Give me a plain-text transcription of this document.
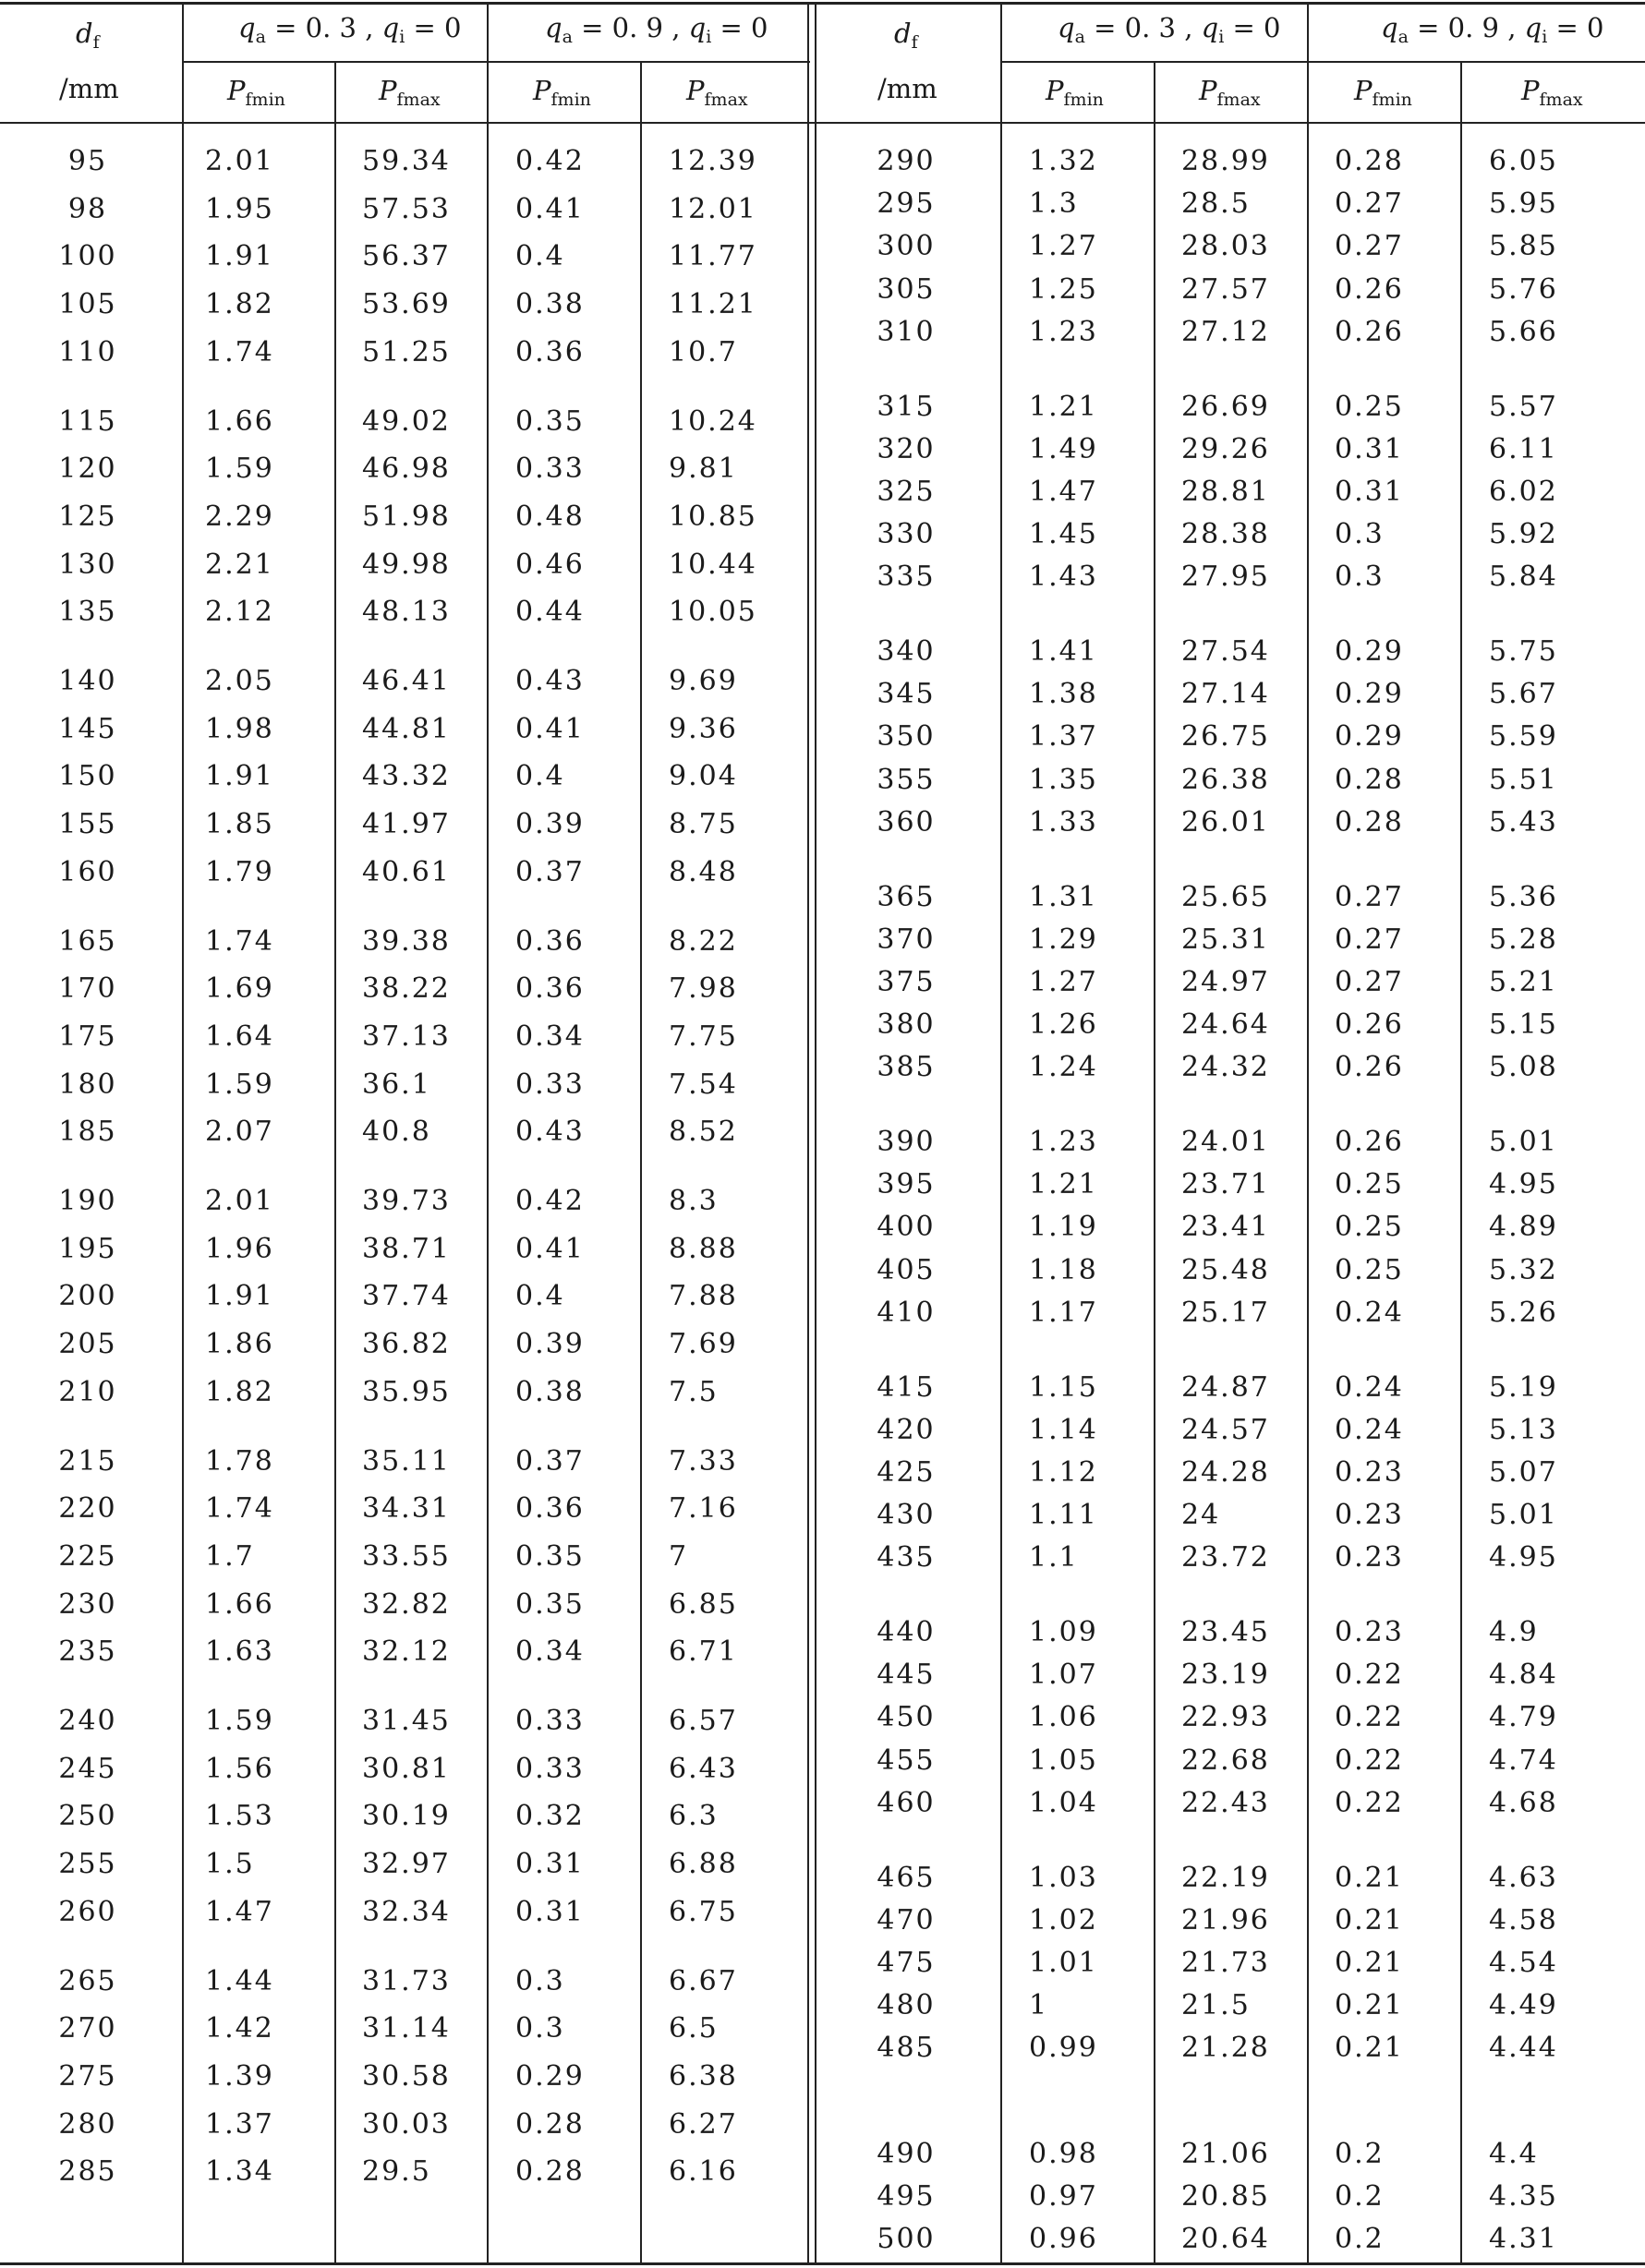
$d_f$
/mm
$q_a = 0$. 3 , $q_i = 0$	$q_a = 0$. 9 , $q_i = 0$
$P_{fmin}$	$P_{fmax}$	$P_{fmin}$	$P_{fmax}$
$d_f$
/mm
$q_a = 0$. 3 , $q_i = 0$	$q_a = 0$. 9 , $q_i = 0$
$P_{fmin}$	$P_{fmax}$	$P_{fmin}$	$P_{fmax}$
95	2.01	59.34 0.42	12.39
98	1.95	57.53 0.41	12.01
100	1.91	56.37 0.4	11.77
105	1.82	53.69 0.38	11.21
110	1.74	51.25 0.36	10.7
115	1.66	49.02 0.35	10.24
120	1.59	46.98 0.33	9.81
125	2.29	51.98 0.48	10.85
130	2.21	49.98 0.46	10.44
135	2.12	48.13 0.44	10.05
140	2.05	46.41 0.43	9.69
145	1.98	44.81 0.41	9.36
150	1.91	43.32 0.4	9.04
155	1.85	41.97 0.39	8.75
160	1.79	40.61 0.37	8.48
165	1.74	39.38 0.36	8.22
170	1.69	38.22 0.36	7.98
175	1.64	37.13 0.34	7.75
180	1.59	36.1	0.33	7.54
185	2.07	40.8	0.43	8.52
190	2.01	39.73 0.42	8.3
195	1.96	38.71 0.41	8.88
200	1.91	37.74 0.4	7.88
205	1.86	36.82 0.39	7.69
210	1.82	35.95 0.38	7.5
215	1.78	35.11 0.37	7.33
220	1.74	34.31 0.36	7.16
225	1.7	33.55 0.35	7
230	1.66	32.82 0.35	6.85
235	1.63	32.12 0.34	6.71
240	1.59	31.45 0.33	6.57
245	1.56	30.81 0.33	6.43
250	1.53	30.19 0.32	6.3
255	1.5	32.97 0.31	6.88
260	1.47	32.34 0.31	6.75
265	1.44	31.73 0.3	6.67
270	1.42	31.14 0.3	6.5
275	1.39	30.58 0.29	6.38
280	1.37	30.03 0.28	6.27
285	1.34	29.5	0.28	6.16
290	1.32	28.99 0.28	6.05
295	1.3	28.5	0.27	5.95
300	1.27	28.03 0.27	5.85
305	1.25	27.57 0.26	5.76
310	1.23	27.12 0.26	5.66
315	1.21	26.69 0.25	5.57
320	1.49	29.26 0.31	6.11
325	1.47	28.81 0.31	6.02
330	1.45	28.38 0.3	5.92
335	1.43	27.95 0.3	5.84
340	1.41	27.54 0.29	5.75
345	1.38	27.14 0.29	5.67
350	1.37	26.75 0.29	5.59
355	1.35	26.38 0.28	5.51
360	1.33	26.01 0.28	5.43
365	1.31	25.65 0.27	5.36
370	1.29	25.31 0.27	5.28
375	1.27	24.97 0.27	5.21
380	1.26	24.64 0.26	5.15
385	1.24	24.32 0.26	5.08
390	1.23	24.01 0.26	5.01
395	1.21	23.71 0.25	4.95
400	1.19	23.41 0.25	4.89
405	1.18	25.48 0.25	5.32
410	1.17	25.17 0.24	5.26
415	1.15	24.87 0.24	5.19
420	1.14	24.57 0.24	5.13
425	1.12	24.28 0.23	5.07
430	1.11	24	0.23	5.01
435	1.1	23.72 0.23	4.95
440	1.09	23.45 0.23	4.9
445	1.07	23.19 0.22	4.84
450	1.06	22.93 0.22	4.79
455	1.05	22.68 0.22	4.74
460	1.04	22.43 0.22	4.68
465	1.03	22.19 0.21	4.63
470	1.02	21.96 0.21	4.58
475	1.01	21.73 0.21	4.54
480	1	21.5	0.21	4.49
485	0.99	21.28 0.21	4.44
490	0.98	21.06 0.2	4.4
495	0.97	20.85 0.2	4.35
500	0.96	20.64 0.2	4.31
